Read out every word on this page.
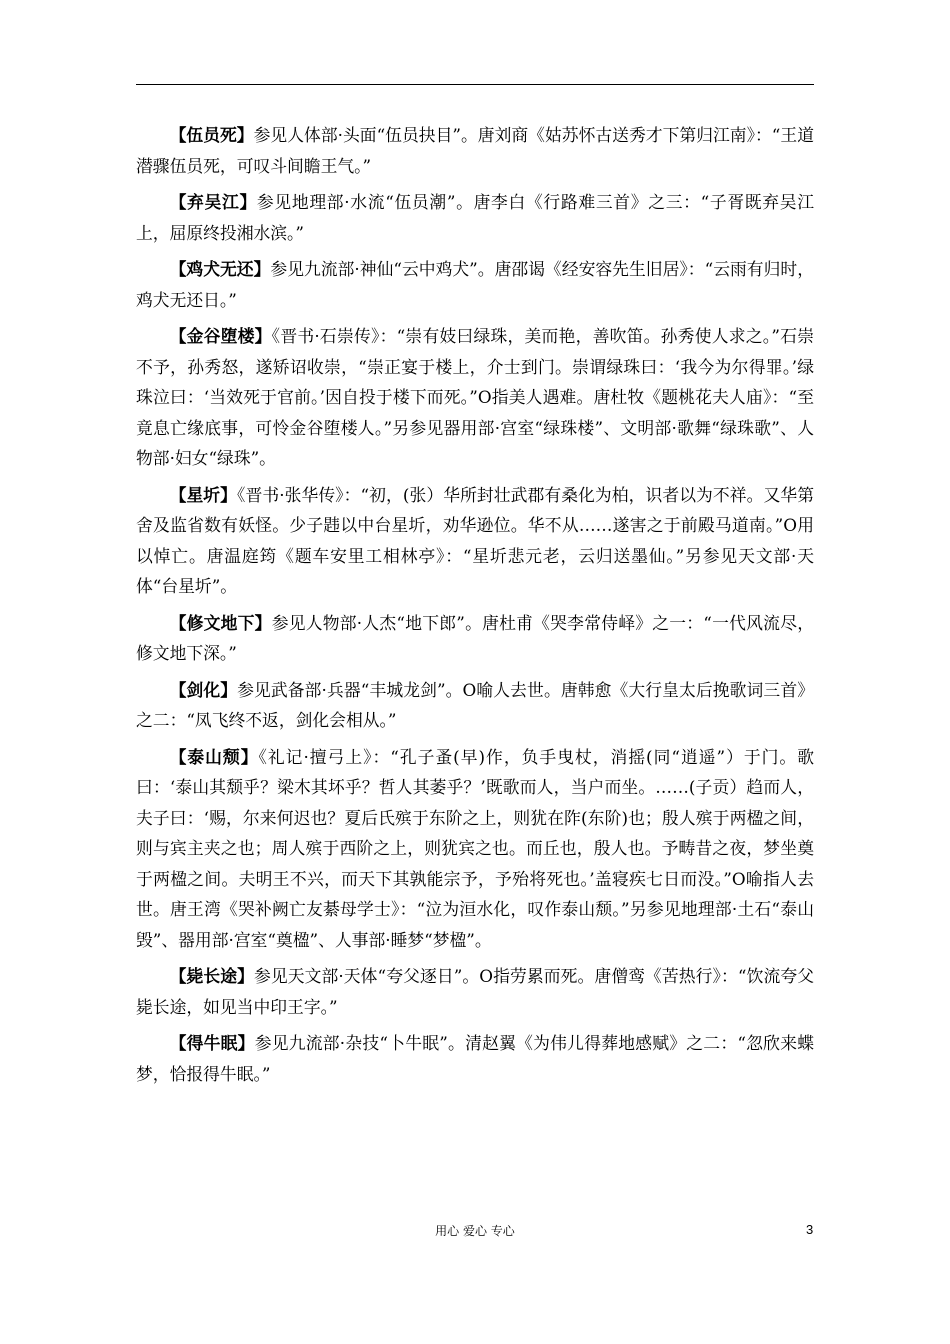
【伍员死】参见人体部·头面“伍员抉目”。唐刘商《姑苏怀古送秀才下第归江南》：“王道潜骤伍员死，可叹斗间瞻王气。”

【弃吴江】参见地理部·水流“伍员潮”。唐李白《行路难三首》之三：“子胥既弃吴江上，屈原终投湘水滨。”

【鸡犬无还】参见九流部·神仙“云中鸡犬”。唐邵谒《经安容先生旧居》：“云雨有归时，鸡犬无还日。”

【金谷堕楼】《晋书·石崇传》：“崇有妓曰绿珠，美而艳，善吹笛。孙秀使人求之。”石崇不予，孙秀怒，遂矫诏收崇，“崇正宴于楼上，介士到门。崇谓绿珠曰：‘我今为尔得罪。’绿珠泣曰：‘当效死于官前。’因自投于楼下而死。”O指美人遇难。唐杜牧《题桃花夫人庙》：“至竟息亡缘底事，可怜金谷堕楼人。”另参见器用部·宫室“绿珠楼”、文明部·歌舞“绿珠歌”、人物部·妇女“绿珠”。

【星圻】《晋书·张华传》：“初，(张）华所封壮武郡有桑化为柏，识者以为不祥。又华第舍及监省数有妖怪。少子韪以中台星圻，劝华逊位。华不从……遂害之于前殿马道南。”O用以悼亡。唐温庭筠《题车安里工相林亭》：“星圻悲元老，云归送墨仙。”另参见天文部·天体“台星圻”。

【修文地下】参见人物部·人杰“地下郎”。唐杜甫《哭李常侍峄》之一：“一代风流尽，修文地下深。”

【剑化】参见武备部·兵器“丰城龙剑”。O喻人去世。唐韩愈《大行皇太后挽歌词三首》之二：“凤飞终不返，剑化会相从。”

【泰山颓】《礼记·擅弓上》：“孔子蚤(早)作，负手曳杖，消摇(同“逍遥”）于门。歌曰：‘泰山其颓乎？梁木其坏乎？哲人其萎乎？’既歌而人，当户而坐。……(子贡）趋而人，夫子曰：‘赐，尔来何迟也？夏后氏殡于东阶之上，则犹在阼(东阶)也；殷人殡于两楹之间，则与宾主夹之也；周人殡于西阶之上，则犹宾之也。而丘也，殷人也。予畴昔之夜，梦坐奠于两楹之间。夫明王不兴，而天下其孰能宗予，予殆将死也。’盖寝疾七日而没。”O喻指人去世。唐王湾《哭补阙亡友綦母学士》：“泣为洹水化，叹作泰山颓。”另参见地理部·土石“泰山毁”、器用部·宫室“奠楹”、人事部·睡梦“梦楹”。

【毙长途】参见天文部·天体“夸父逐日”。O指劳累而死。唐僧鸾《苦热行》：“饮流夸父毙长途，如见当中印王字。”

【得牛眠】参见九流部·杂技“卜牛眠”。清赵翼《为伟儿得葬地感赋》之二：“忽欣来蝶梦，恰报得牛眠。”

用心 爱心 专心	3
